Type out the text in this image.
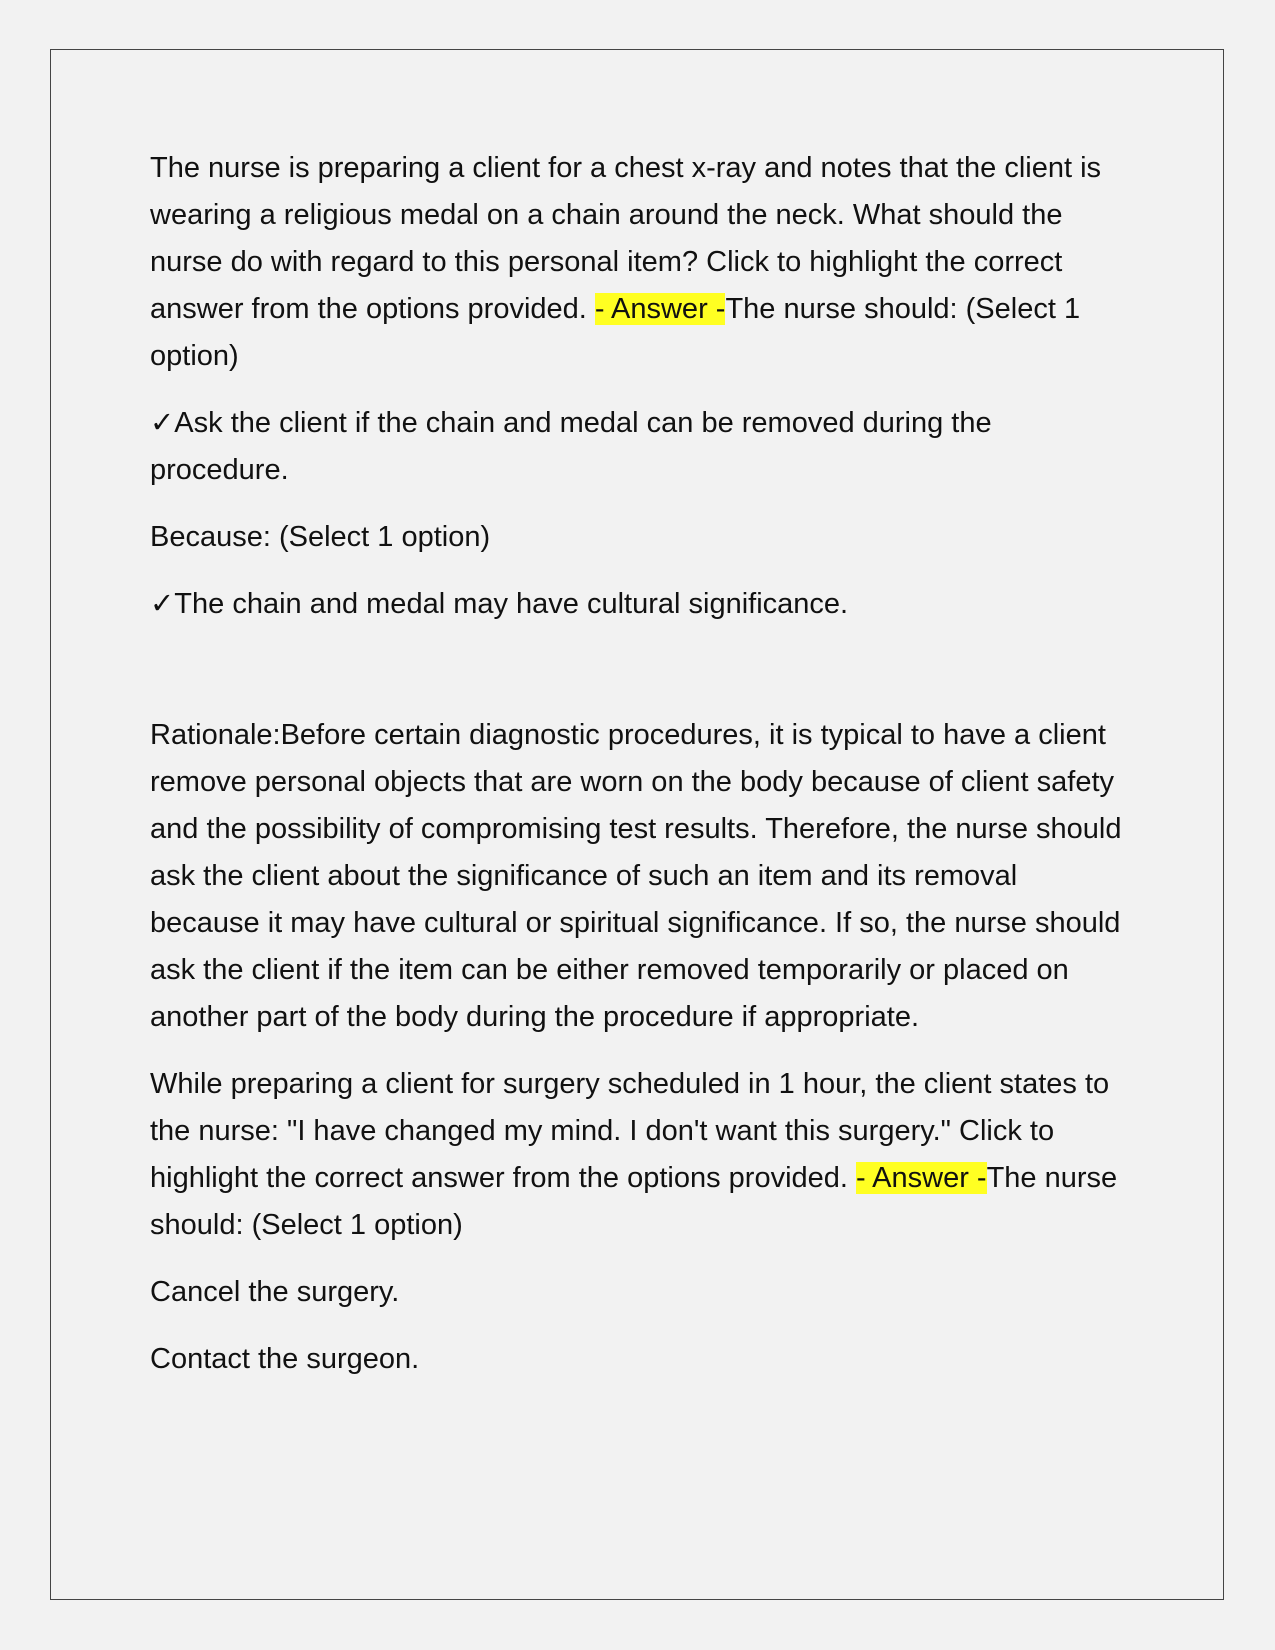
The nurse is preparing a client for a chest x-ray and notes that the client is wearing a religious medal on a chain around the neck. What should the nurse do with regard to this personal item? Click to highlight the correct answer from the options provided. - Answer -The nurse should: (Select 1 option)

✓Ask the client if the chain and medal can be removed during the procedure.

Because: (Select 1 option)

✓The chain and medal may have cultural significance.

Rationale:Before certain diagnostic procedures, it is typical to have a client remove personal objects that are worn on the body because of client safety and the possibility of compromising test results. Therefore, the nurse should ask the client about the significance of such an item and its removal because it may have cultural or spiritual significance. If so, the nurse should ask the client if the item can be either removed temporarily or placed on another part of the body during the procedure if appropriate.

While preparing a client for surgery scheduled in 1 hour, the client states to the nurse: "I have changed my mind. I don't want this surgery." Click to highlight the correct answer from the options provided. - Answer -The nurse should: (Select 1 option)

Cancel the surgery.

Contact the surgeon.
